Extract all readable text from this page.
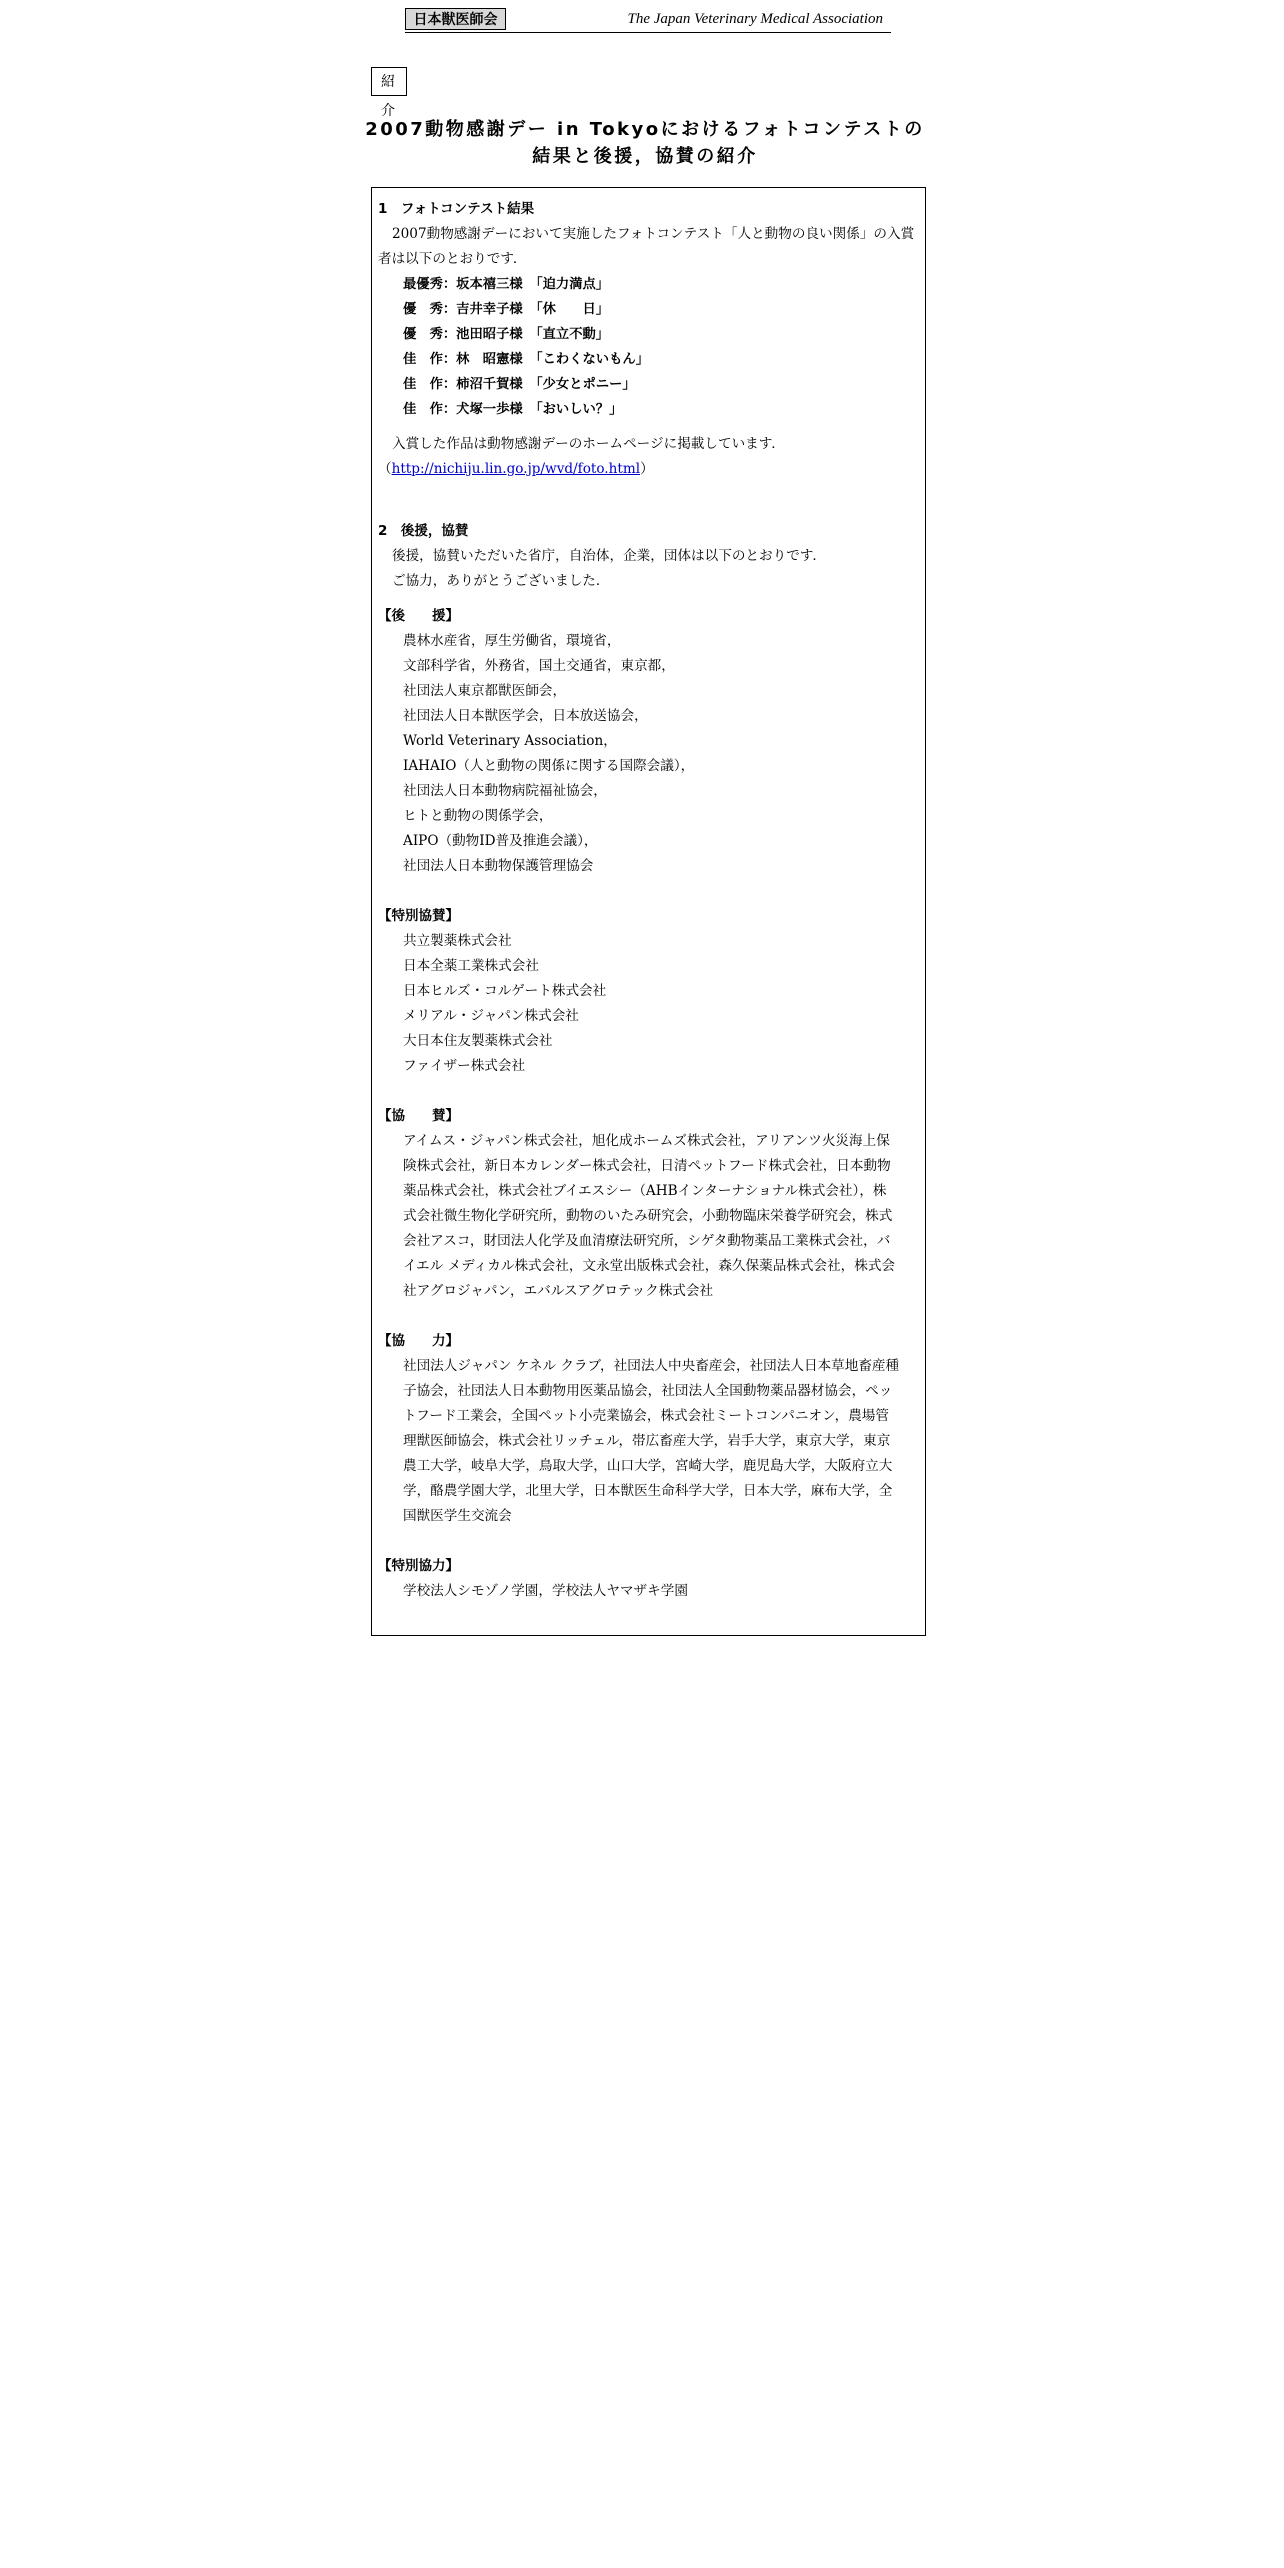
日本獣医師会	The Japan Veterinary Medical Association
紹 介
2007動物感謝デー in Tokyoにおけるフォトコンテストの
結果と後援，協賛の紹介
1　フォトコンテスト結果
2007動物感謝デーにおいて実施したフォトコンテスト「人と動物の良い関係」の入賞者は以下のとおりです．
最優秀：坂本禧三様　「迫力満点」
優　秀：吉井幸子様　「休　　日」
優　秀：池田昭子様　「直立不動」
佳　作：林　昭憲様　「こわくないもん」
佳　作：柿沼千賀様　「少女とポニー」
佳　作：犬塚一歩様　「おいしい？」
入賞した作品は動物感謝デーのホームページに掲載しています．
（http://nichiju.lin.go.jp/wvd/foto.html）
2　後援，協賛
後援，協賛いただいた省庁，自治体，企業，団体は以下のとおりです．
ご協力，ありがとうございました．
【後　　援】
農林水産省，厚生労働省，環境省，
文部科学省，外務省，国土交通省，東京都，
社団法人東京都獣医師会，
社団法人日本獣医学会，日本放送協会，
World Veterinary Association，
IAHAIO（人と動物の関係に関する国際会議），
社団法人日本動物病院福祉協会，
ヒトと動物の関係学会，
AIPO（動物ID普及推進会議），
社団法人日本動物保護管理協会
【特別協賛】
共立製薬株式会社
日本全薬工業株式会社
日本ヒルズ・コルゲート株式会社
メリアル・ジャパン株式会社
大日本住友製薬株式会社
ファイザー株式会社
【協　　賛】
アイムス・ジャパン株式会社，旭化成ホームズ株式会社，アリアンツ火災海上保
険株式会社，新日本カレンダー株式会社，日清ペットフード株式会社，日本動物
薬品株式会社，株式会社ブイエスシー（AHBインターナショナル株式会社），株
式会社微生物化学研究所，動物のいたみ研究会，小動物臨床栄養学研究会，株式
会社アスコ，財団法人化学及血清療法研究所，シゲタ動物薬品工業株式会社，バ
イエル メディカル株式会社，文永堂出版株式会社，森久保薬品株式会社，株式会
社アグロジャパン，エバルスアグロテック株式会社
【協　　力】
社団法人ジャパン ケネル クラブ，社団法人中央畜産会，社団法人日本草地畜産種
子協会，社団法人日本動物用医薬品協会，社団法人全国動物薬品器材協会，ペッ
トフード工業会，全国ペット小売業協会，株式会社ミートコンパニオン，農場管
理獣医師協会，株式会社リッチェル，帯広畜産大学，岩手大学，東京大学，東京
農工大学，岐阜大学，鳥取大学，山口大学，宮崎大学，鹿児島大学，大阪府立大
学，酪農学園大学，北里大学，日本獣医生命科学大学，日本大学，麻布大学，全
国獣医学生交流会
【特別協力】
学校法人シモゾノ学園，学校法人ヤマザキ学園
